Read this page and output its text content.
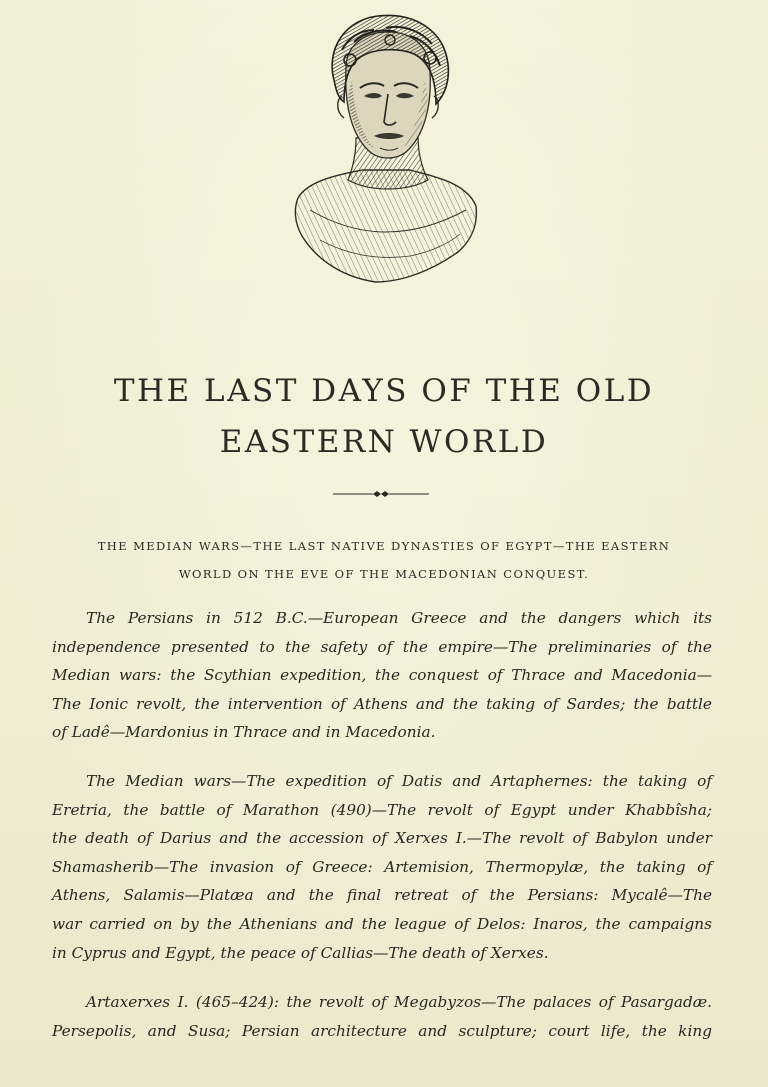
THE LAST DAYS OF THE OLD
EASTERN WORLD

THE MEDIAN WARS—THE LAST NATIVE DYNASTIES OF EGYPT—THE EASTERN

WORLD ON THE EVE OF THE MACEDONIAN CONQUEST.

The Persians in 512 B.C.—European Greece and the dangers which its
independence presented to the safety of the empire—The preliminaries of the
Median wars: the Scythian expedition, the conquest of Thrace and Macedonia—
The Ionic revolt, the intervention of Athens and the taking of Sardes; the battle
of Ladê—Mardonius in Thrace and in Macedonia.

The Median wars—The expedition of Datis and Artaphernes: the taking of
Eretria, the battle of Marathon (490)—The revolt of Egypt under Khabbîsha;
the death of Darius and the accession of Xerxes I.—The revolt of Babylon under
Shamasherib—The invasion of Greece: Artemision, Thermopylæ, the taking of
Athens, Salamis—Platæa and the final retreat of the Persians: Mycalê—The
war carried on by the Athenians and the league of Delos: Inaros, the campaigns
in Cyprus and Egypt, the peace of Callias—The death of Xerxes.

Artaxerxes I. (465–424): the revolt of Megabyzos—The palaces of Pasargadæ.
Persepolis, and Susa; Persian architecture and sculpture; court life, the king
